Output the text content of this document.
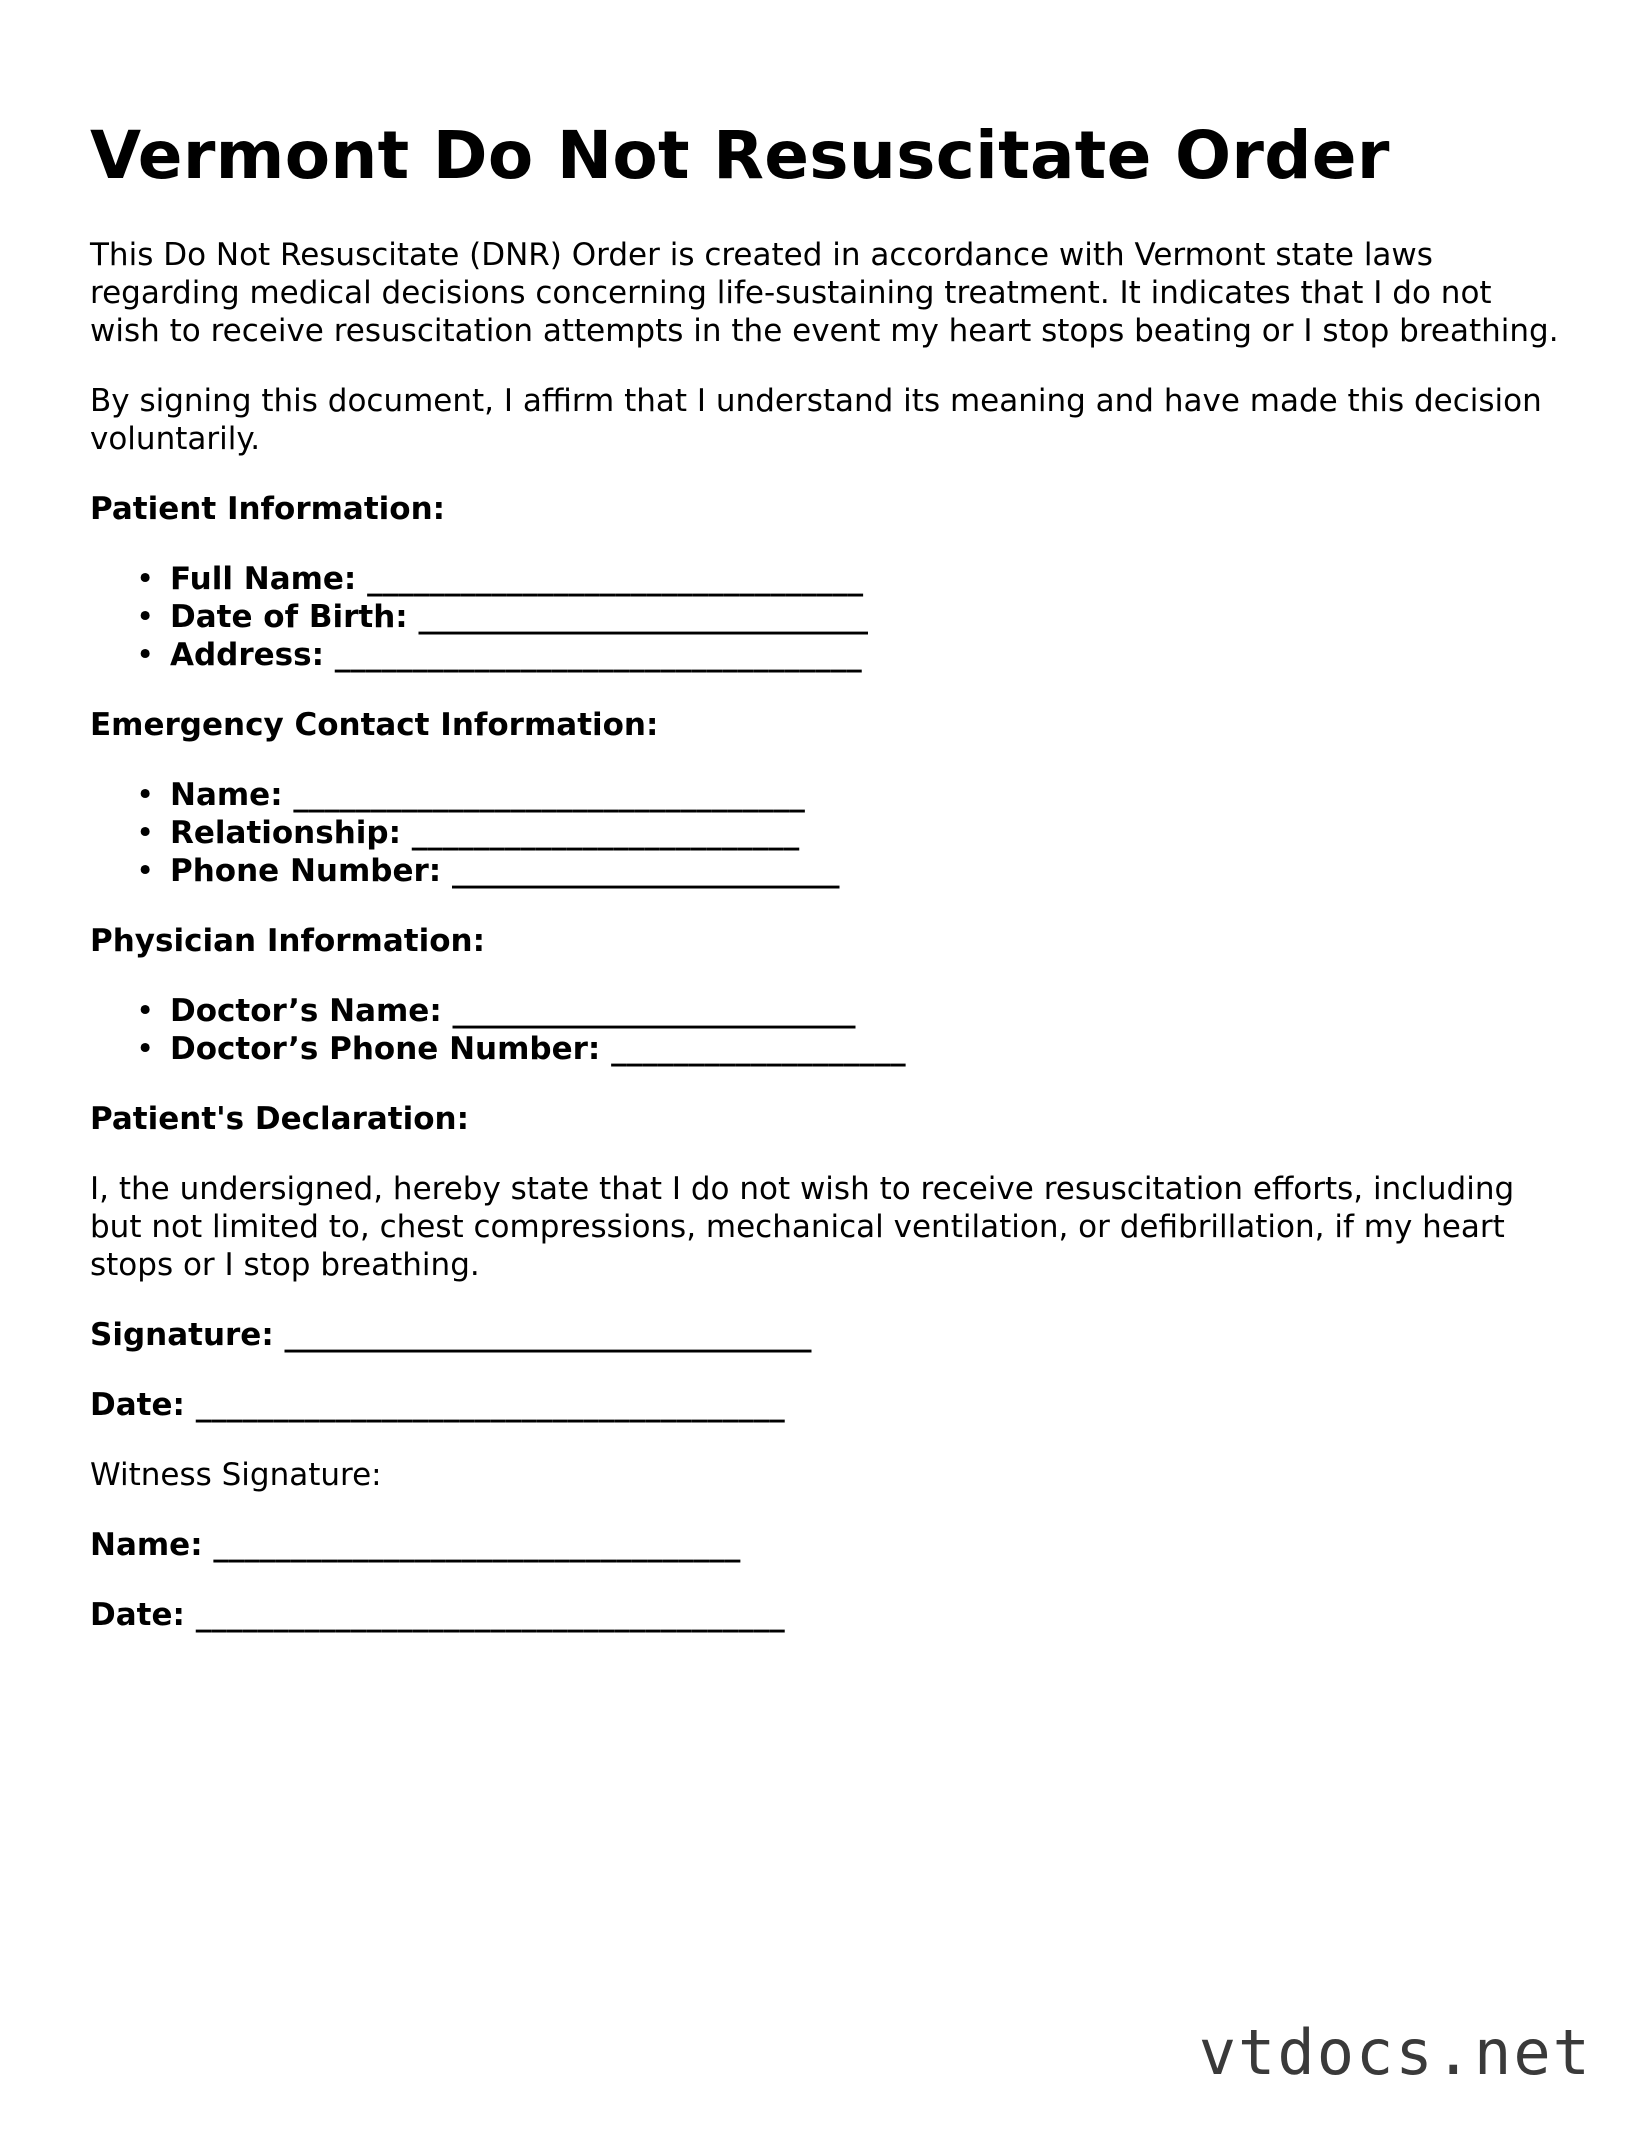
Vermont Do Not Resuscitate Order

This Do Not Resuscitate (DNR) Order is created in accordance with Vermont state laws regarding medical decisions concerning life-sustaining treatment. It indicates that I do not wish to receive resuscitation attempts in the event my heart stops beating or I stop breathing.

By signing this document, I affirm that I understand its meaning and have made this decision voluntarily.

Patient Information:

• Full Name: ________________________________
• Date of Birth: _____________________________
• Address: __________________________________

Emergency Contact Information:

• Name: _________________________________
• Relationship: _________________________
• Phone Number: _________________________

Physician Information:

• Doctor’s Name: __________________________
• Doctor’s Phone Number: ___________________

Patient's Declaration:

I, the undersigned, hereby state that I do not wish to receive resuscitation efforts, including but not limited to, chest compressions, mechanical ventilation, or defibrillation, if my heart stops or I stop breathing.

Signature: __________________________________

Date: ______________________________________

Witness Signature:

Name: __________________________________

Date: ______________________________________

vtdocs.net
